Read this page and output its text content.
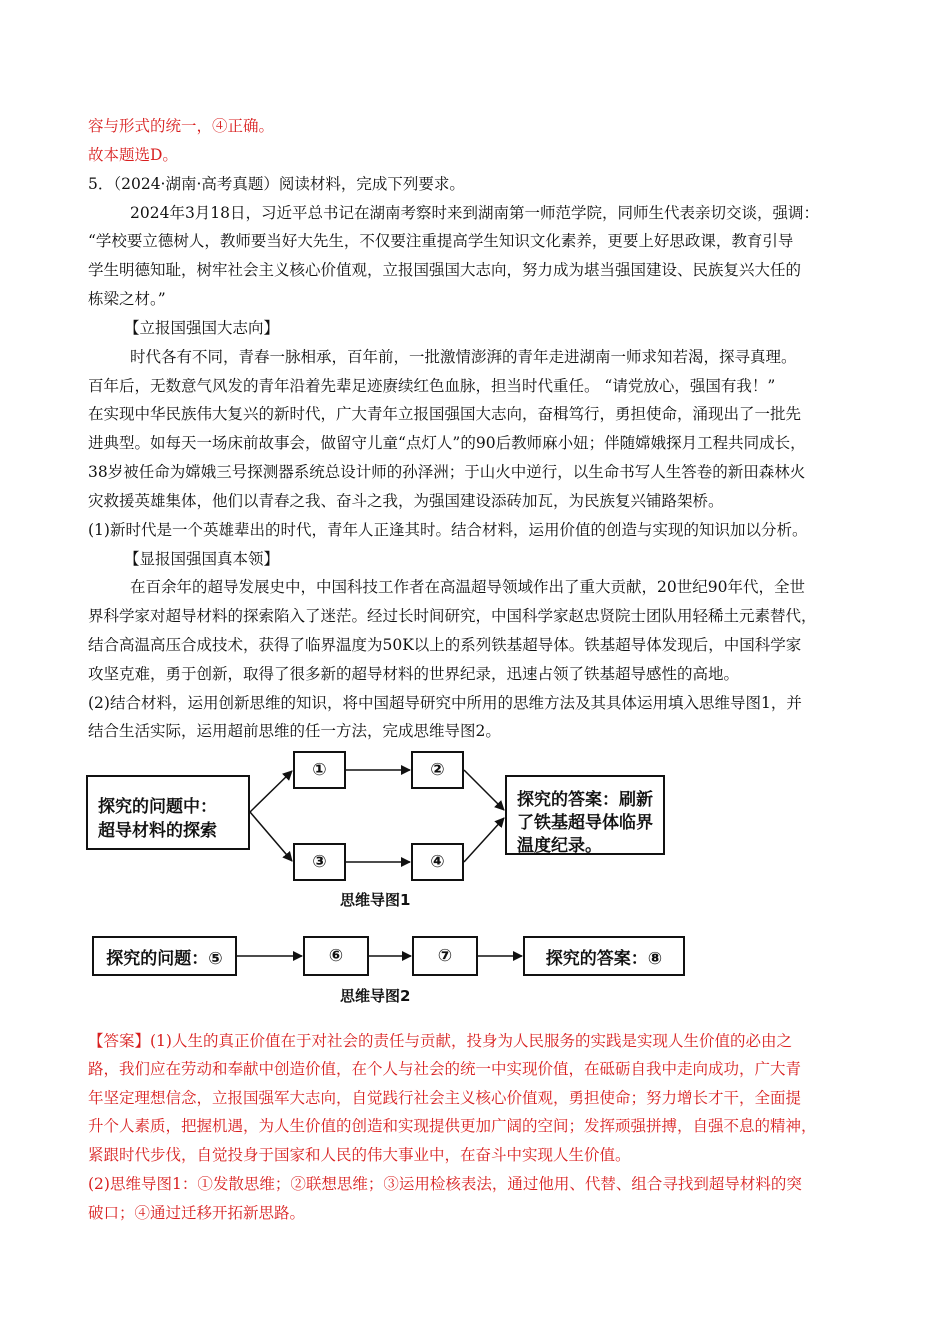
容与形式的统一，④正确。
故本题选D。
5．（2024·湖南·高考真题）阅读材料，完成下列要求。
2024年3月18日，习近平总书记在湖南考察时来到湖南第一师范学院，同师生代表亲切交谈，强调：
“学校要立德树人，教师要当好大先生，不仅要注重提高学生知识文化素养，更要上好思政课，教育引导
学生明德知耻，树牢社会主义核心价值观，立报国强国大志向，努力成为堪当强国建设、民族复兴大任的
栋梁之材。”
【立报国强国大志向】
时代各有不同，青春一脉相承，百年前，一批激情澎湃的青年走进湖南一师求知若渴，探寻真理。
百年后，无数意气风发的青年沿着先辈足迹赓续红色血脉，担当时代重任。 “请党放心，强国有我！”
在实现中华民族伟大复兴的新时代，广大青年立报国强国大志向，奋楫笃行，勇担使命，涌现出了一批先
进典型。如每天一场床前故事会，做留守儿童“点灯人”的90后教师麻小妞；伴随嫦娥探月工程共同成长，
38岁被任命为嫦娥三号探测器系统总设计师的孙泽洲；于山火中逆行，以生命书写人生答卷的新田森林火
灾救援英雄集体，他们以青春之我、奋斗之我，为强国建设添砖加瓦，为民族复兴铺路架桥。
(1)新时代是一个英雄辈出的时代，青年人正逢其时。结合材料，运用价值的创造与实现的知识加以分析。
【显报国强国真本领】
在百余年的超导发展史中，中国科技工作者在高温超导领域作出了重大贡献，20世纪90年代，全世
界科学家对超导材料的探索陷入了迷茫。经过长时间研究，中国科学家赵忠贤院士团队用轻稀土元素替代，
结合高温高压合成技术，获得了临界温度为50K以上的系列铁基超导体。铁基超导体发现后，中国科学家
攻坚克难，勇于创新，取得了很多新的超导材料的世界纪录，迅速占领了铁基超导感性的高地。
(2)结合材料，运用创新思维的知识，将中国超导研究中所用的思维方法及其具体运用填入思维导图1，并
结合生活实际，运用超前思维的任一方法，完成思维导图2。
【答案】(1)人生的真正价值在于对社会的责任与贡献，投身为人民服务的实践是实现人生价值的必由之
路，我们应在劳动和奉献中创造价值，在个人与社会的统一中实现价值，在砥砺自我中走向成功，广大青
年坚定理想信念，立报国强军大志向，自觉践行社会主义核心价值观，勇担使命；努力增长才干，全面提
升个人素质，把握机遇，为人生价值的创造和实现提供更加广阔的空间；发挥顽强拼搏，自强不息的精神，
紧跟时代步伐，自觉投身于国家和人民的伟大事业中，在奋斗中实现人生价值。
(2)思维导图1：①发散思维；②联想思维；③运用检核表法，通过他用、代替、组合寻找到超导材料的突
破口；④通过迁移开拓新思路。
探究的问题中：
超导材料的探索
①	②
③	④
探究的答案：刷新
了铁基超导体临界
温度纪录。
思维导图1
探究的问题：⑤	⑥	⑦	探究的答案：⑧
思维导图2
